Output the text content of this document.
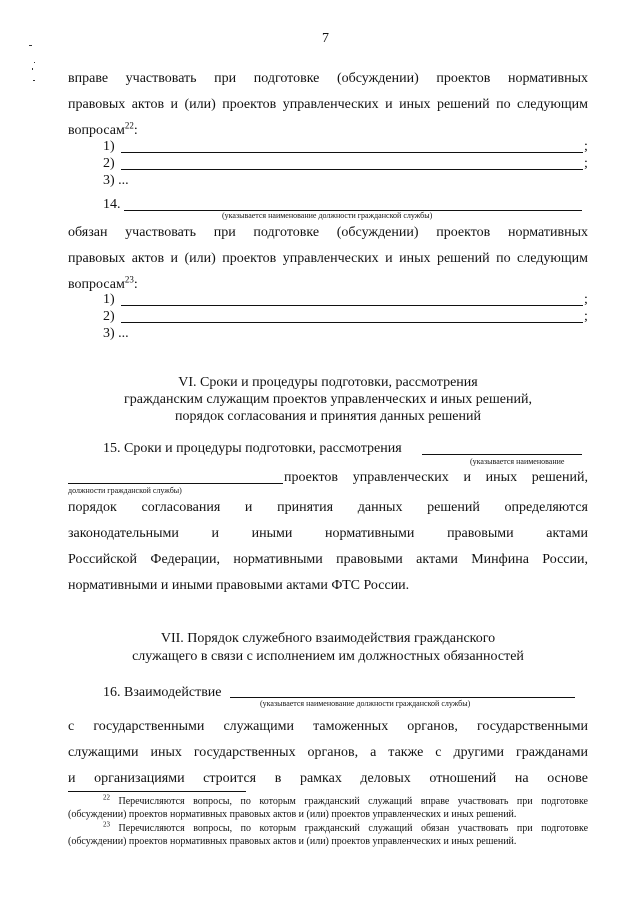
7
вправе участвовать при подготовке (обсуждении) проектов нормативных
правовых актов и (или) проектов управленческих и иных решений по следующим
вопросам$^{22}$:
1)	;
2)	;
3) ...
14.
(указывается наименование должности гражданской службы)
обязан участвовать при подготовке (обсуждении) проектов нормативных
правовых актов и (или) проектов управленческих и иных решений по следующим
вопросам$^{23}$:
1)	;
2)	;
3) ...
VI. Сроки и процедуры подготовки, рассмотрения
гражданским служащим проектов управленческих и иных решений,
порядок согласования и принятия данных решений
15. Сроки и процедуры подготовки, рассмотрения
(указывается наименование
проектов управленческих и иных решений,
должности гражданской службы)
порядок согласования и принятия данных решений определяются
законодательными и иными нормативными правовыми актами
Российской Федерации, нормативными правовыми актами Минфина России,
нормативными и иными правовыми актами ФТС России.
VII. Порядок служебного взаимодействия гражданского
служащего в связи с исполнением им должностных обязанностей
16. Взаимодействие
(указывается наименование должности гражданской службы)
с государственными служащими таможенных органов, государственными
служащими иных государственных органов, а также с другими гражданами
и организациями строится в рамках деловых отношений на основе
$^{22}$ Перечисляются вопросы, по которым гражданский служащий вправе участвовать при подготовке
(обсуждении) проектов нормативных правовых актов и (или) проектов управленческих и иных решений.
$^{23}$ Перечисляются вопросы, по которым гражданский служащий обязан участвовать при подготовке
(обсуждении) проектов нормативных правовых актов и (или) проектов управленческих и иных решений.
